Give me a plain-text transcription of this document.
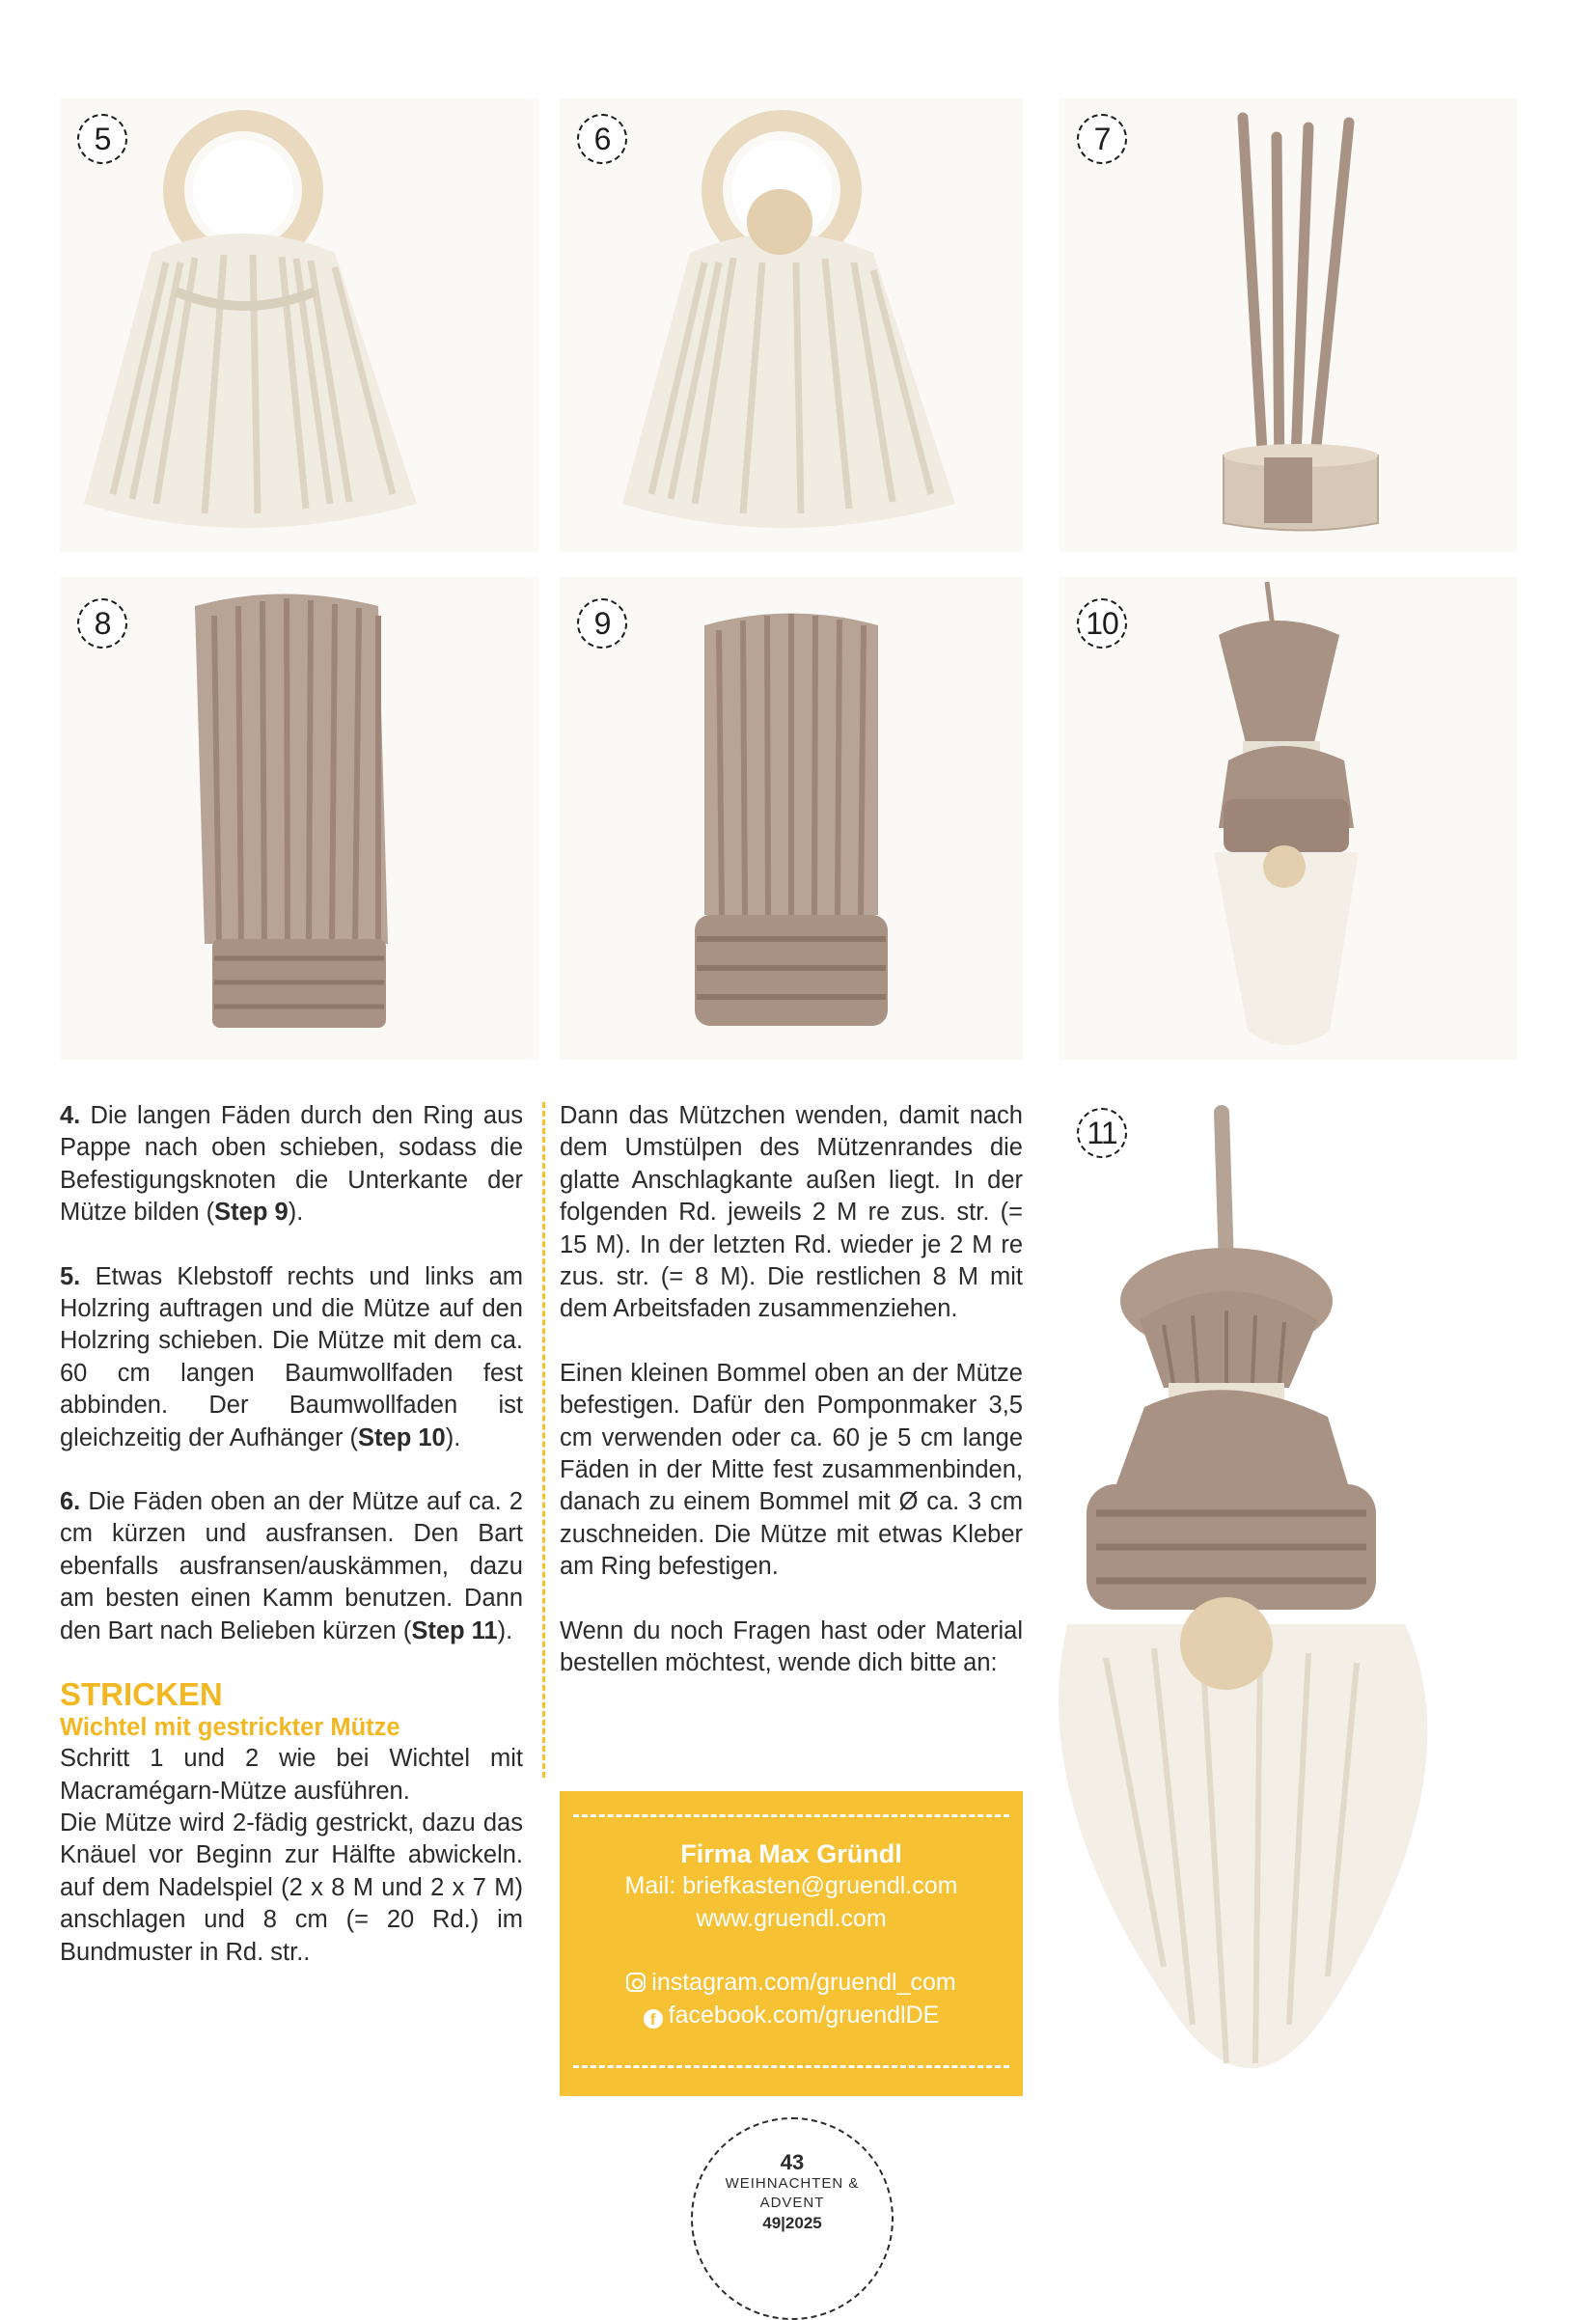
5	6	7
8	9	10
11

4. Die langen Fäden durch den Ring aus Pappe nach oben schieben, sodass die Befestigungsknoten die Unterkante der Mütze bilden (Step 9).

5. Etwas Klebstoff rechts und links am Holzring auftragen und die Mütze auf den Holzring schieben. Die Mütze mit dem ca. 60 cm langen Baumwollfaden fest abbinden. Der Baumwollfaden ist gleichzeitig der Aufhänger (Step 10).

6. Die Fäden oben an der Mütze auf ca. 2 cm kürzen und ausfransen. Den Bart ebenfalls ausfransen/auskämmen, dazu am besten einen Kamm benutzen. Dann den Bart nach Belieben kürzen (Step 11).

STRICKEN
Wichtel mit gestrickter Mütze

Schritt 1 und 2 wie bei Wichtel mit Macramégarn-Mütze ausführen.

Die Mütze wird 2-fädig gestrickt, dazu das Knäuel vor Beginn zur Hälfte abwickeln. auf dem Nadelspiel (2 x 8 M und 2 x 7 M) anschlagen und 8 cm (= 20 Rd.) im Bundmuster in Rd. str..

Dann das Mützchen wenden, damit nach dem Umstülpen des Mützenrandes die glatte Anschlagkante außen liegt. In der folgenden Rd. jeweils 2 M re zus. str. (= 15 M). In der letzten Rd. wieder je 2 M re zus. str. (= 8 M). Die restlichen 8 M mit dem Arbeitsfaden zusammenziehen.

Einen kleinen Bommel oben an der Mütze befestigen. Dafür den Pomponmaker 3,5 cm verwenden oder ca. 60 je 5 cm lange Fäden in der Mitte fest zusammenbinden, danach zu einem Bommel mit Ø ca. 3 cm zuschneiden. Die Mütze mit etwas Kleber am Ring befestigen.

Wenn du noch Fragen hast oder Material bestellen möchtest, wende dich bitte an:

Firma Max Gründl
Mail: briefkasten@gruendl.com
www.gruendl.com
instagram.com/gruendl_com
f facebook.com/gruendlDE
43
WEIHNACHTEN &
ADVENT
49|2025
